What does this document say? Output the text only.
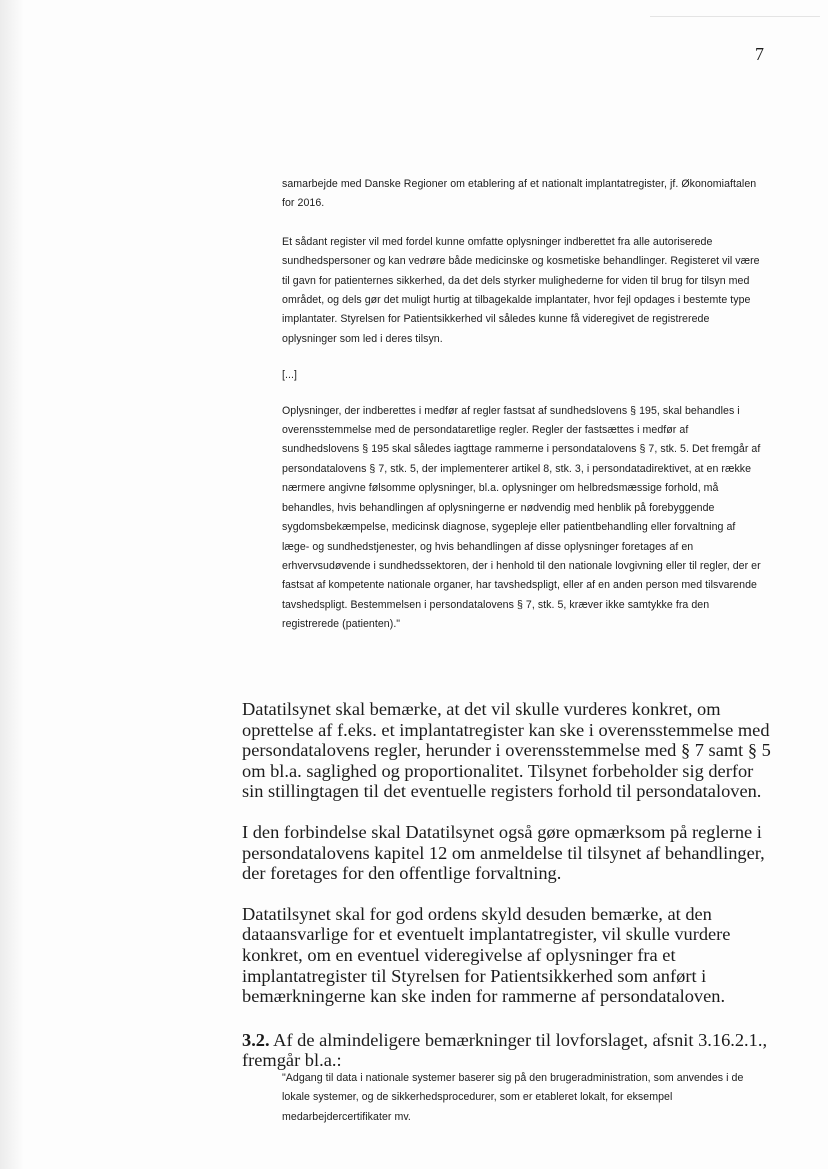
7

samarbejde med Danske Regioner om etablering af et nationalt implantatregister, jf. Økonomiaftalen for 2016.

Et sådant register vil med fordel kunne omfatte oplysninger indberettet fra alle autoriserede sundhedspersoner og kan vedrøre både medicinske og kosmetiske behandlinger. Registeret vil være til gavn for patienternes sikkerhed, da det dels styrker mulighederne for viden til brug for tilsyn med området, og dels gør det muligt hurtig at tilbagekalde implantater, hvor fejl opdages i bestemte type implantater. Styrelsen for Patientsikkerhed vil således kunne få videregivet de registrerede oplysninger som led i deres tilsyn.

[...]

Oplysninger, der indberettes i medfør af regler fastsat af sundhedslovens § 195, skal behandles i overensstemmelse med de persondataretlige regler. Regler der fastsættes i medfør af sundhedslovens § 195 skal således iagttage rammerne i persondatalovens § 7, stk. 5. Det fremgår af persondatalovens § 7, stk. 5, der implementerer artikel 8, stk. 3, i persondatadirektivet, at en række nærmere angivne følsomme oplysninger, bl.a. oplysninger om helbredsmæssige forhold, må behandles, hvis behandlingen af oplysningerne er nødvendig med henblik på forebyggende sygdomsbekæmpelse, medicinsk diagnose, sygepleje eller patientbehandling eller forvaltning af læge- og sundhedstjenester, og hvis behandlingen af disse oplysninger foretages af en erhvervsudøvende i sundhedssektoren, der i henhold til den nationale lovgivning eller til regler, der er fastsat af kompetente nationale organer, har tavshedspligt, eller af en anden person med tilsvarende tavshedspligt. Bestemmelsen i persondatalovens § 7, stk. 5, kræver ikke samtykke fra den registrerede (patienten)."

Datatilsynet skal bemærke, at det vil skulle vurderes konkret, om oprettelse af f.eks. et implantatregister kan ske i overensstemmelse med persondatalovens regler, herunder i overensstemmelse med § 7 samt § 5 om bl.a. saglighed og proportionalitet. Tilsynet forbeholder sig derfor sin stillingtagen til det eventuelle registers forhold til persondataloven.

I den forbindelse skal Datatilsynet også gøre opmærksom på reglerne i persondatalovens kapitel 12 om anmeldelse til tilsynet af behandlinger, der foretages for den offentlige forvaltning.

Datatilsynet skal for god ordens skyld desuden bemærke, at den dataansvarlige for et eventuelt implantatregister, vil skulle vurdere konkret, om en eventuel videregivelse af oplysninger fra et implantatregister til Styrelsen for Patientsikkerhed som anført i bemærkningerne kan ske inden for rammerne af persondataloven.

3.2. Af de almindeligere bemærkninger til lovforslaget, afsnit 3.16.2.1., fremgår bl.a.:

"Adgang til data i nationale systemer baserer sig på den brugeradministration, som anvendes i de lokale systemer, og de sikkerhedsprocedurer, som er etableret lokalt, for eksempel medarbejdercertifikater mv.
